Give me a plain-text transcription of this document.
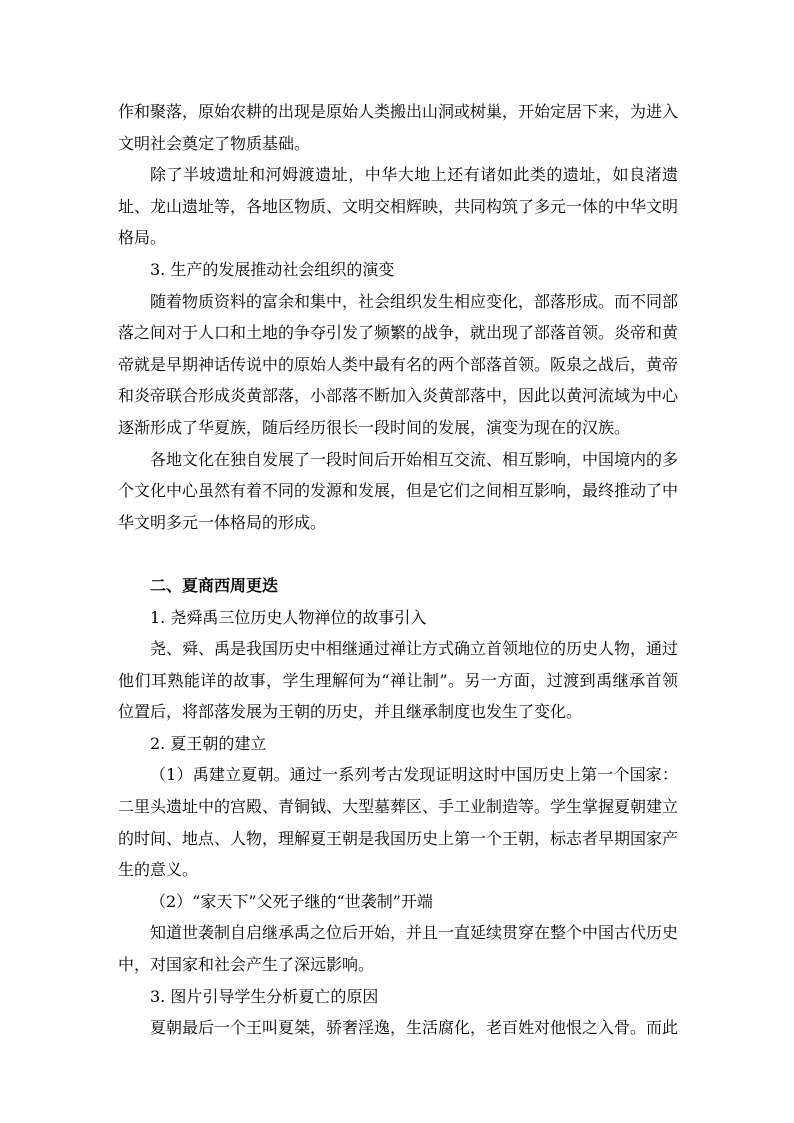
作和聚落，原始农耕的出现是原始人类搬出山洞或树巢，开始定居下来，为进入文明社会奠定了物质基础。

除了半坡遗址和河姆渡遗址，中华大地上还有诸如此类的遗址，如良渚遗址、龙山遗址等，各地区物质、文明交相辉映，共同构筑了多元一体的中华文明格局。

3. 生产的发展推动社会组织的演变

随着物质资料的富余和集中，社会组织发生相应变化，部落形成。而不同部落之间对于人口和土地的争夺引发了频繁的战争，就出现了部落首领。炎帝和黄帝就是早期神话传说中的原始人类中最有名的两个部落首领。阪泉之战后，黄帝和炎帝联合形成炎黄部落，小部落不断加入炎黄部落中，因此以黄河流域为中心逐渐形成了华夏族，随后经历很长一段时间的发展，演变为现在的汉族。

各地文化在独自发展了一段时间后开始相互交流、相互影响，中国境内的多个文化中心虽然有着不同的发源和发展，但是它们之间相互影响，最终推动了中华文明多元一体格局的形成。

二、夏商西周更迭

1. 尧舜禹三位历史人物禅位的故事引入

尧、舜、禹是我国历史中相继通过禅让方式确立首领地位的历史人物，通过他们耳熟能详的故事，学生理解何为“禅让制”。另一方面，过渡到禹继承首领位置后，将部落发展为王朝的历史，并且继承制度也发生了变化。

2. 夏王朝的建立

（1）禹建立夏朝。通过一系列考古发现证明这时中国历史上第一个国家：二里头遗址中的宫殿、青铜钺、大型墓葬区、手工业制造等。学生掌握夏朝建立的时间、地点、人物，理解夏王朝是我国历史上第一个王朝，标志者早期国家产生的意义。

（2）“家天下”父死子继的“世袭制”开端

知道世袭制自启继承禹之位后开始，并且一直延续贯穿在整个中国古代历史中，对国家和社会产生了深远影响。

3. 图片引导学生分析夏亡的原因

夏朝最后一个王叫夏桀，骄奢淫逸，生活腐化，老百姓对他恨之入骨。而此
